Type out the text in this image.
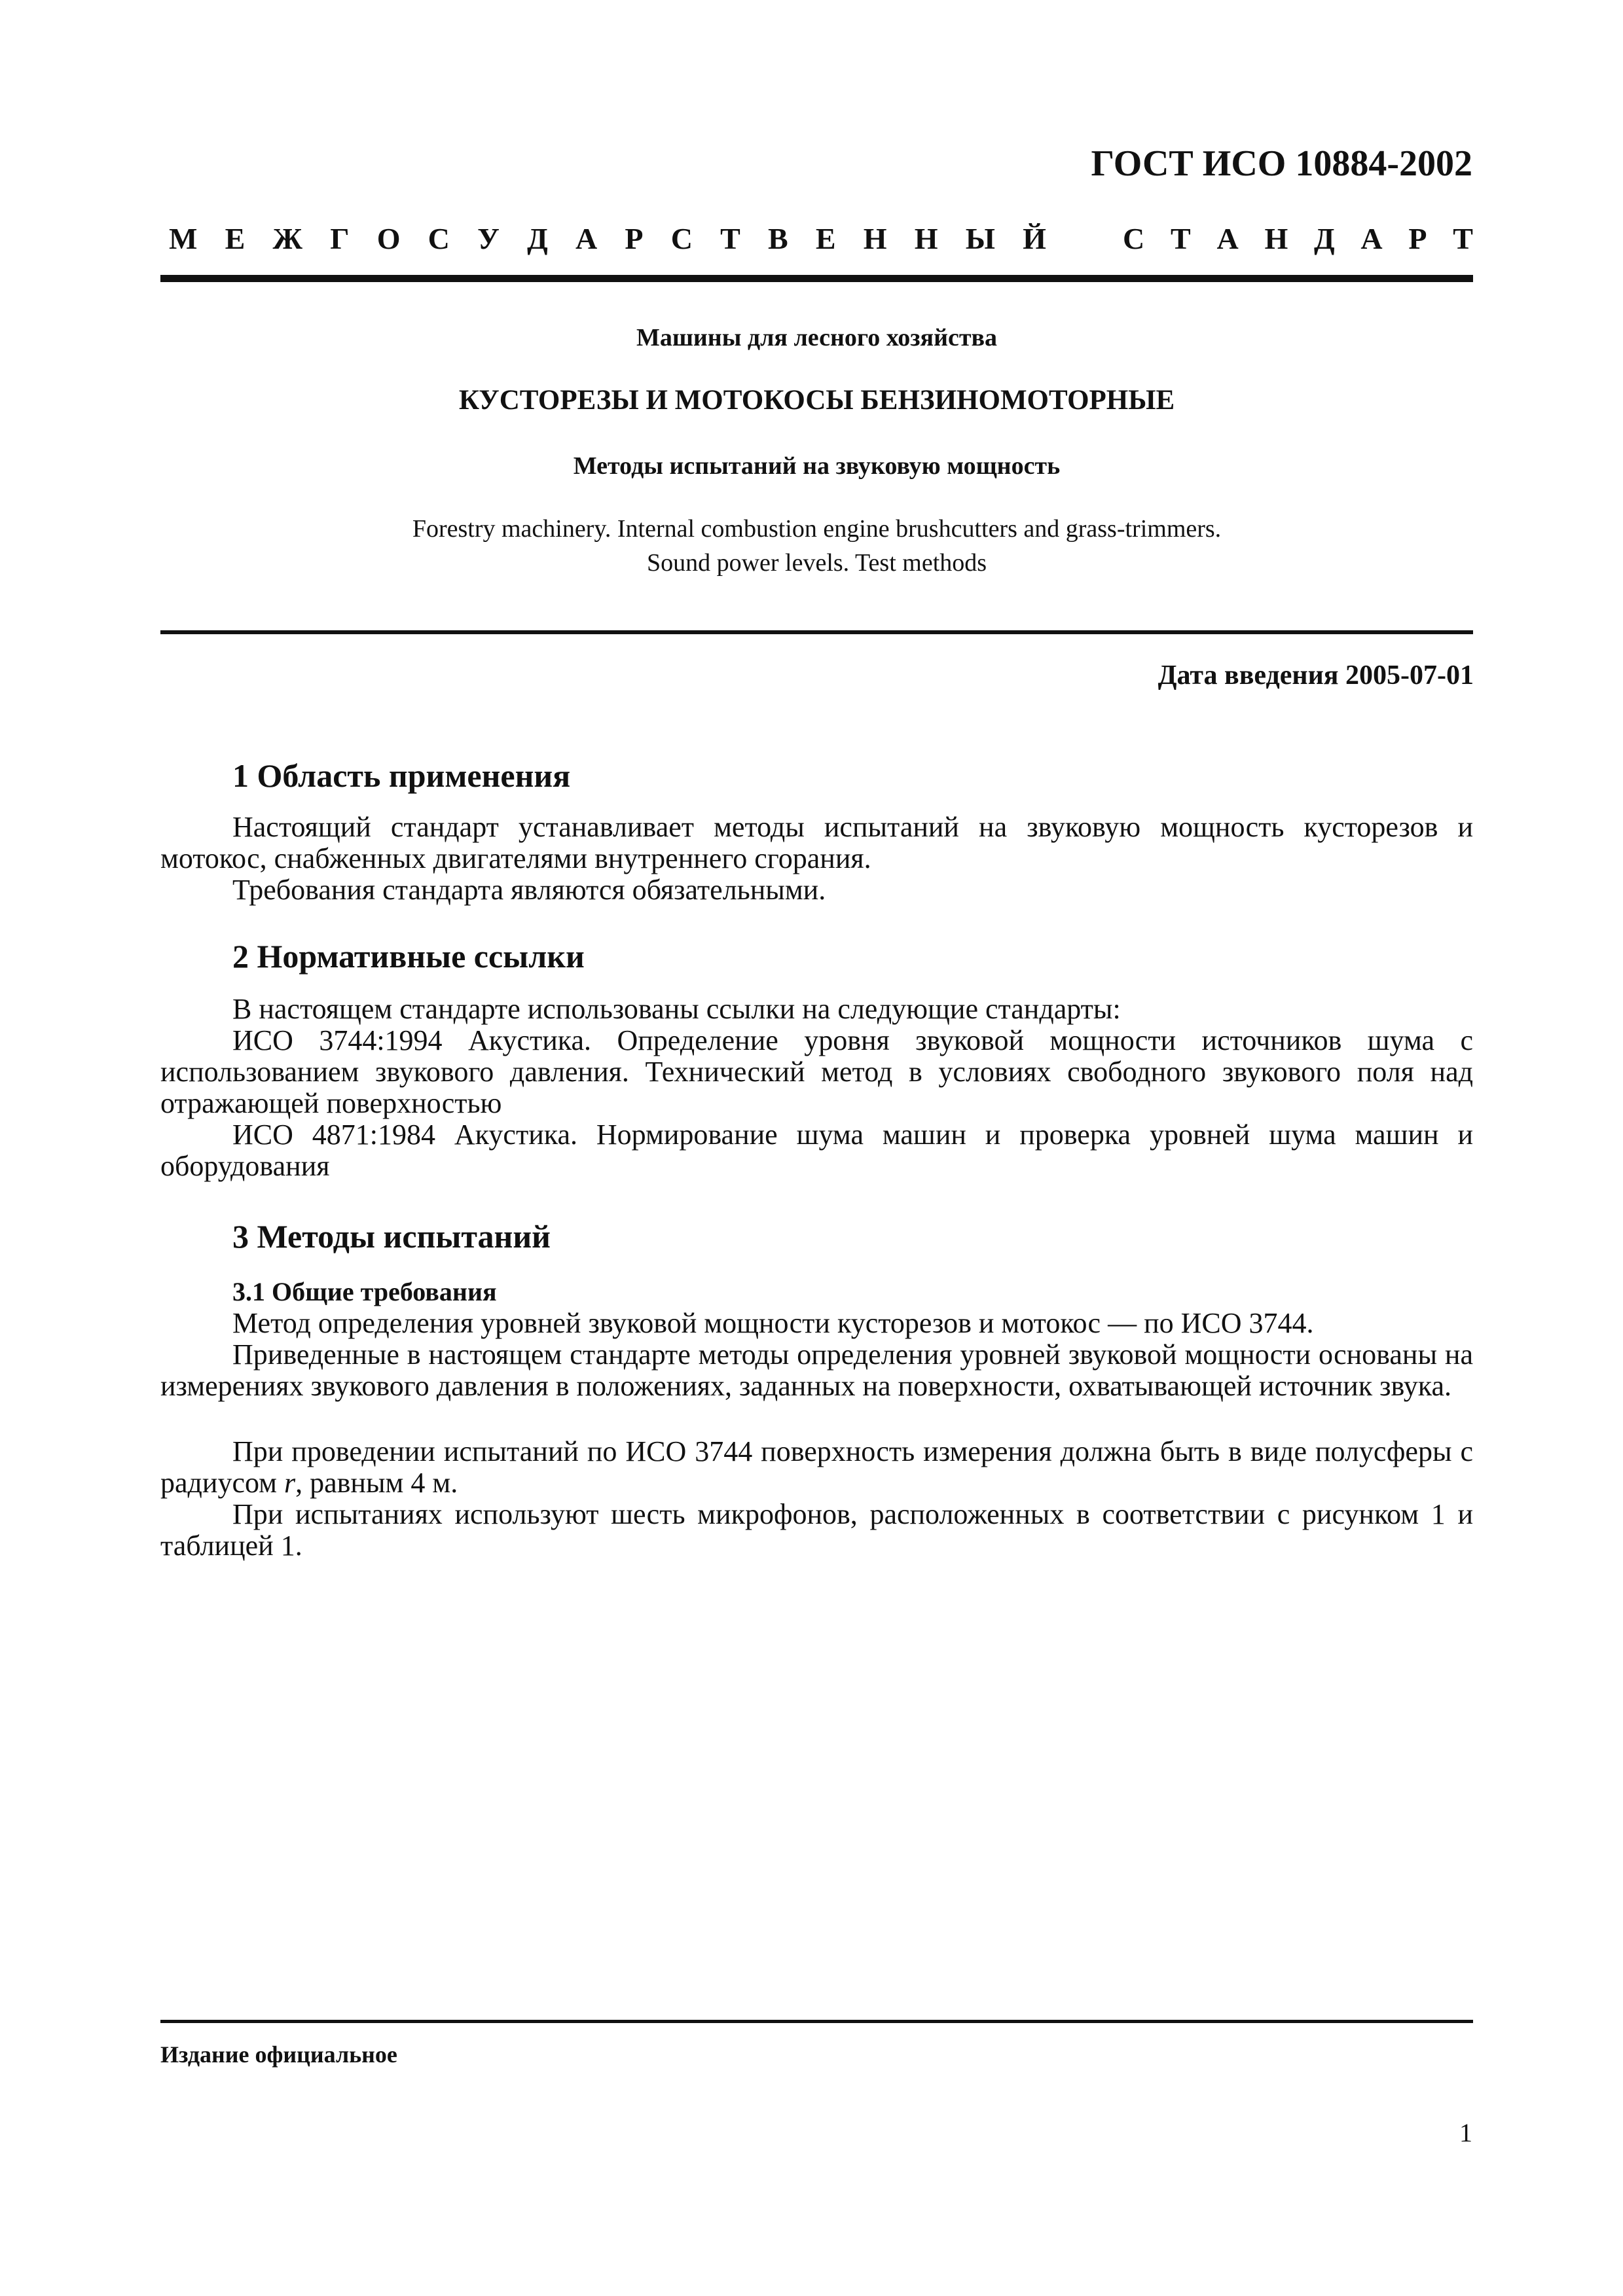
ГОСТ ИСО 10884-2002
М Е Ж Г О С У Д А Р С Т В Е Н Н Ы Й	С Т А Н Д А Р Т
Машины для лесного хозяйства
КУСТОРЕЗЫ И МОТОКОСЫ БЕНЗИНОМОТОРНЫЕ
Методы испытаний на звуковую мощность
Forestry machinery. Internal combustion engine brushcutters and grass-trimmers.
Sound power levels. Test methods
Дата введения 2005-07-01
1 Область применения

Настоящий стандарт устанавливает методы испытаний на звуковую мощность кусторезов и мотокос, снабженных двигателями внутреннего сгорания.

Требования стандарта являются обязательными.

2 Нормативные ссылки

В настоящем стандарте использованы ссылки на следующие стандарты:

ИСО 3744:1994 Акустика. Определение уровня звуковой мощности источников шума с использованием звукового давления. Технический метод в условиях свободного звукового поля над отражающей поверхностью

ИСО 4871:1984 Акустика. Нормирование шума машин и проверка уровней шума машин и оборудования

3 Методы испытаний
3.1 Общие требования

Метод определения уровней звуковой мощности кусторезов и мотокос — по ИСО 3744.

Приведенные в настоящем стандарте методы определения уровней звуковой мощности основаны на измерениях звукового давления в положениях, заданных на поверхности, охватывающей источник звука.

При проведении испытаний по ИСО 3744 поверхность измерения должна быть в виде полусферы с радиусом r, равным 4 м.

При испытаниях используют шесть микрофонов, расположенных в соответствии с рисунком 1 и таблицей 1.

Издание официальное
1
